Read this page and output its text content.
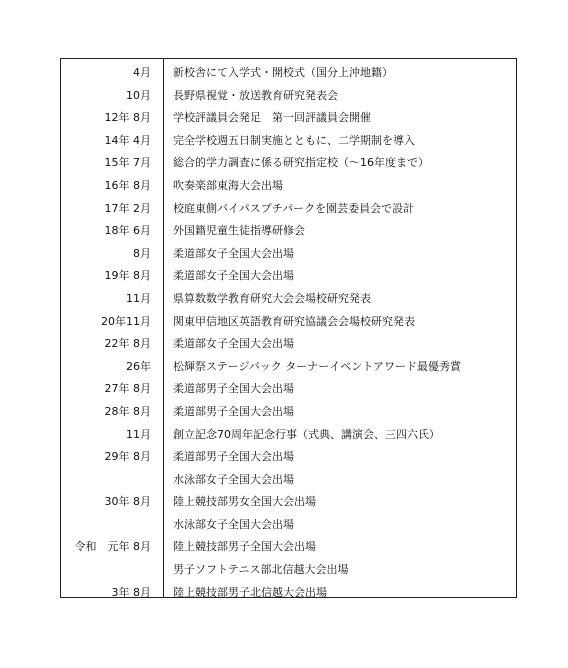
4月 新校舎にて入学式・開校式（国分上沖地籍）
10月 長野県視覚・放送教育研究発表会
12年 8月 学校評議員会発足　第一回評議員会開催
14年 4月 完全学校週五日制実施とともに、二学期制を導入
15年 7月 総合的学力調査に係る研究指定校（～16年度まで）
16年 8月 吹奏楽部東海大会出場
17年 2月 校庭東側バイパスプチパークを園芸委員会で設計
18年 6月 外国籍児童生徒指導研修会
8月 柔道部女子全国大会出場
19年 8月 柔道部女子全国大会出場
11月 県算数数学教育研究大会会場校研究発表
20年11月 関東甲信地区英語教育研究協議会会場校研究発表
22年 8月 柔道部女子全国大会出場
26年 松輝祭ステージバック ターナーイベントアワード最優秀賞
27年 8月 柔道部男子全国大会出場
28年 8月 柔道部男子全国大会出場
11月 創立記念70周年記念行事（式典、講演会、三四六氏）
29年 8月 柔道部男子全国大会出場
水泳部女子全国大会出場
30年 8月 陸上競技部男女全国大会出場
水泳部女子全国大会出場
令和　元年 8月 陸上競技部男子全国大会出場
男子ソフトテニス部北信越大会出場
3年 8月 陸上競技部男子北信越大会出場
